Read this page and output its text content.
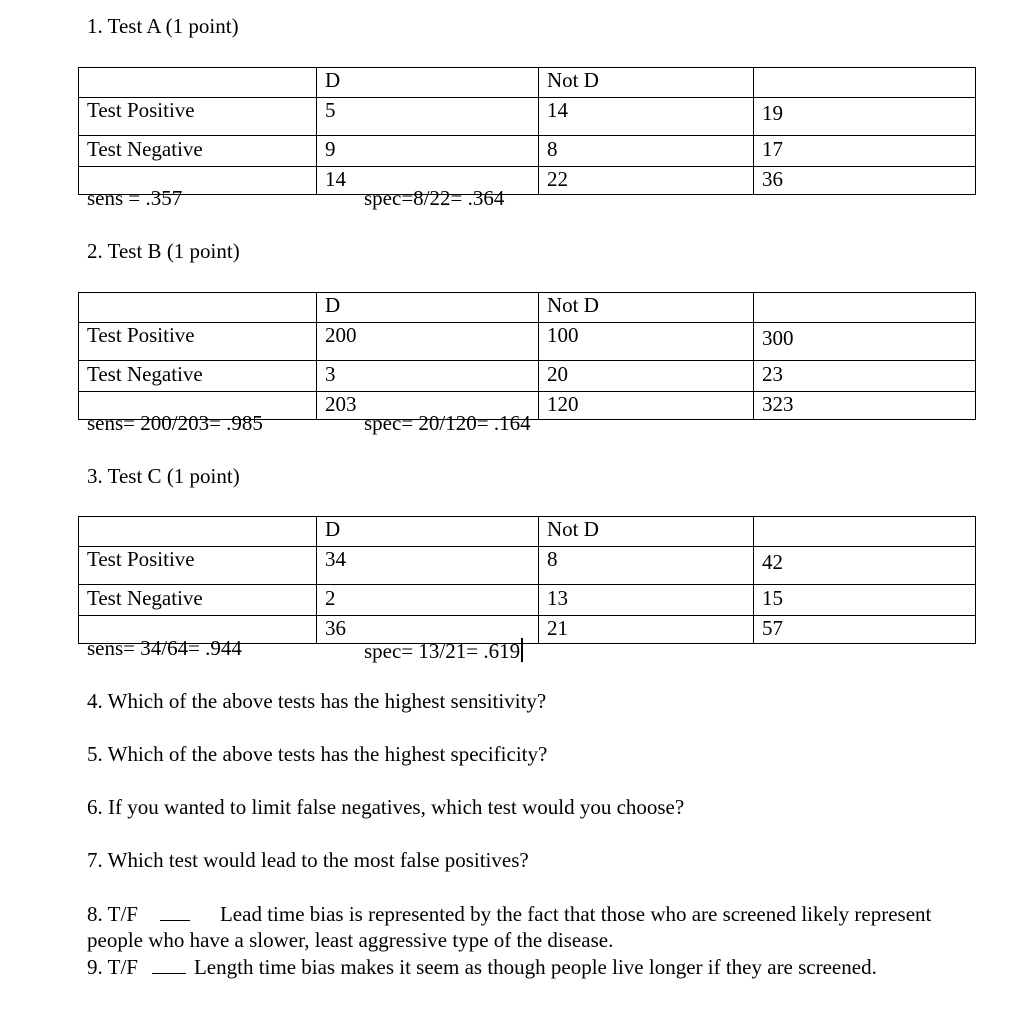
1. Test A (1 point)
	D	Not D	
Test Positive	5	14	19
Test Negative	9	8	17
	14	22	36
sens = .357	spec=8/22= .364
2. Test B (1 point)
	D	Not D	
Test Positive	200	100	300
Test Negative	3	20	23
	203	120	323
sens= 200/203= .985	spec= 20/120= .164
3. Test C (1 point)
	D	Not D	
Test Positive	34	8	42
Test Negative	2	13	15
	36	21	57
sens= 34/64= .944	spec= 13/21= .619
4. Which of the above tests has the highest sensitivity?
5. Which of the above tests has the highest specificity?
6. If you wanted to limit false negatives, which test would you choose?
7. Which test would lead to the most false positives?
8. T/F	Lead time bias is represented by the fact that those who are screened likely represent people who have a slower, least aggressive type of the disease.
9. T/F	Length time bias makes it seem as though people live longer if they are screened.
